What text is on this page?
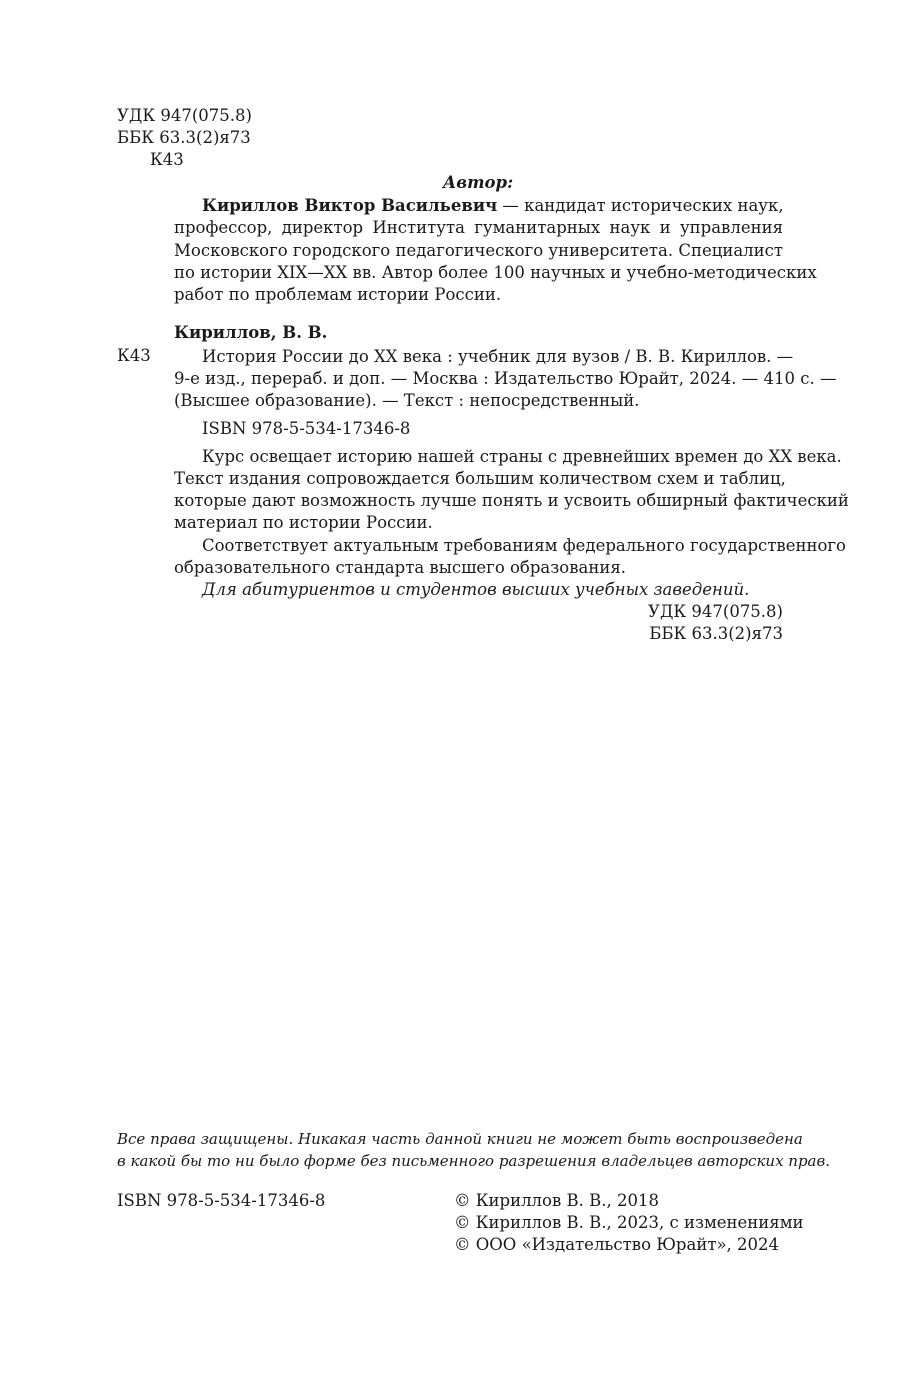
УДК 947(075.8)
ББК 63.3(2)я73
К43
Автор:
Кириллов Виктор Васильевич — кандидат исторических наук,
профессор, директор Института гуманитарных наук и управления
Московского городского педагогического университета. Специалист
по истории XIX—XX вв. Автор более 100 научных и учебно-методических
работ по проблемам истории России.
Кириллов, В. В.
К43	История России до XX века : учебник для вузов / В. В. Кириллов. —
9-е изд., перераб. и доп. — Москва : Издательство Юрайт, 2024. — 410 с. —
(Высшее образование). — Текст : непосредственный.
ISBN 978-5-534-17346-8
Курс освещает историю нашей страны с древнейших времен до XX века.
Текст издания сопровождается большим количеством схем и таблиц,
которые дают возможность лучше понять и усвоить обширный фактический
материал по истории России.
Соответствует актуальным требованиям федерального государственного
образовательного стандарта высшего образования.
Для абитуриентов и студентов высших учебных заведений.
УДК 947(075.8)
ББК 63.3(2)я73
Все права защищены. Никакая часть данной книги не может быть воспроизведена
в какой бы то ни было форме без письменного разрешения владельцев авторских прав.
ISBN 978-5-534-17346-8	© Кириллов В. В., 2018
© Кириллов В. В., 2023, с изменениями
© ООО «Издательство Юрайт», 2024
